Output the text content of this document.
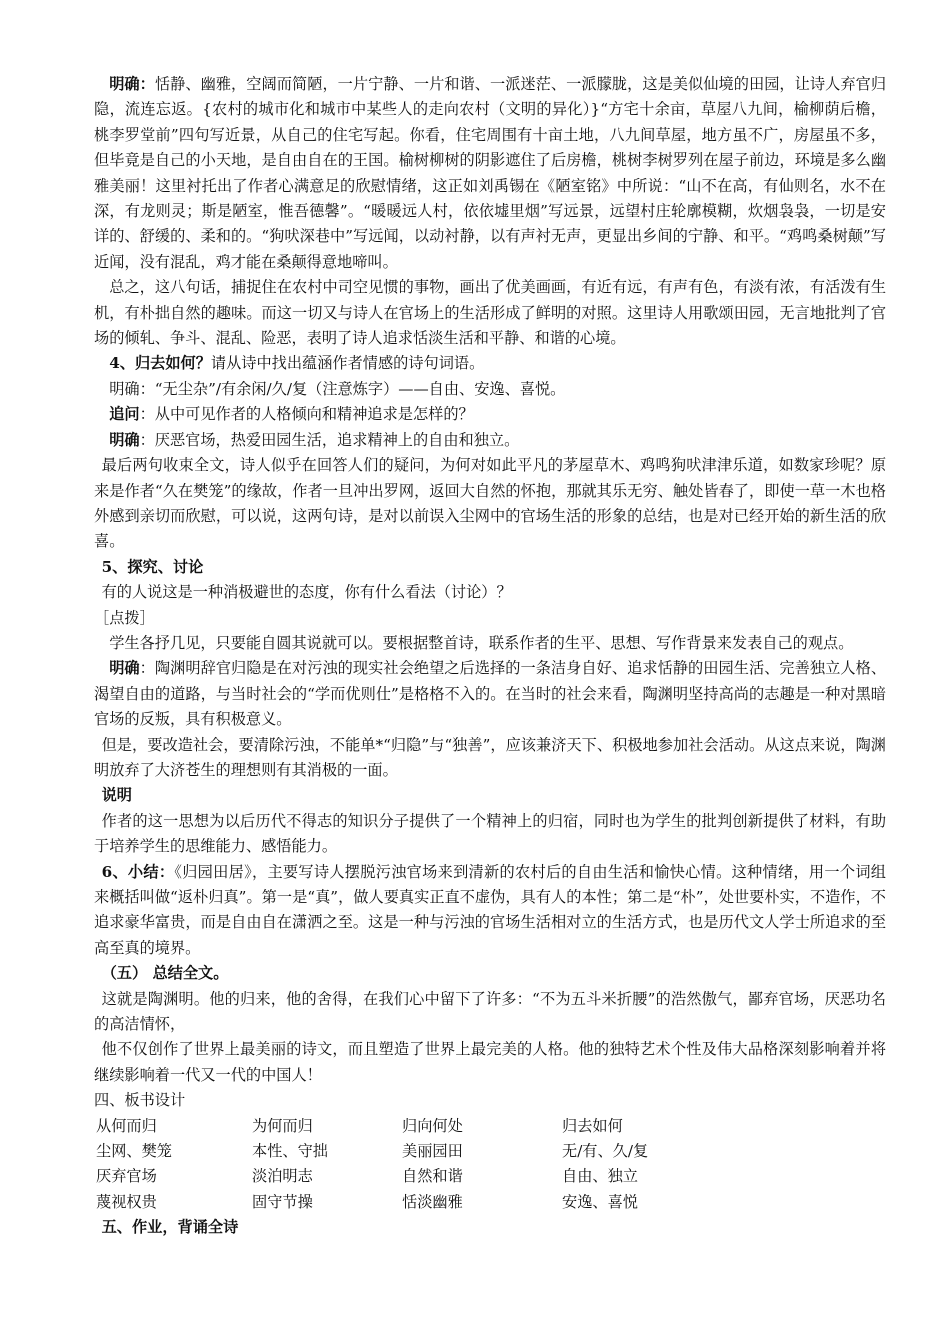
明确：恬静、幽雅，空阔而简陋，一片宁静、一片和谐、一派迷茫、一派朦胧，这是美似仙境的田园，让诗人弃官归隐，流连忘返。{农村的城市化和城市中某些人的走向农村（文明的异化）}“方宅十余亩，草屋八九间，榆柳荫后檐，桃李罗堂前”四句写近景，从自己的住宅写起。你看，住宅周围有十亩土地，八九间草屋，地方虽不广，房屋虽不多，但毕竟是自己的小天地，是自由自在的王国。榆树柳树的阴影遮住了后房檐，桃树李树罗列在屋子前边，环境是多么幽雅美丽！这里衬托出了作者心满意足的欣慰情绪，这正如刘禹锡在《陋室铭》中所说：“山不在高，有仙则名，水不在深，有龙则灵；斯是陋室，惟吾德馨”。“暖暖远人村，依依墟里烟”写远景，远望村庄轮廓模糊，炊烟袅袅，一切是安详的、舒缓的、柔和的。“狗吠深巷中”写远闻，以动衬静，以有声衬无声，更显出乡间的宁静、和平。“鸡鸣桑树颠”写近闻，没有混乱，鸡才能在桑颠得意地啼叫。

总之，这八句话，捕捉住在农村中司空见惯的事物，画出了优美画画，有近有远，有声有色，有淡有浓，有活泼有生机，有朴拙自然的趣味。而这一切又与诗人在官场上的生活形成了鲜明的对照。这里诗人用歌颂田园，无言地批判了官场的倾轧、争斗、混乱、险恶，表明了诗人追求恬淡生活和平静、和谐的心境。

4、归去如何？请从诗中找出蕴涵作者情感的诗句词语。

明确：“无尘杂”/有余闲/久/复（注意炼字）——自由、安逸、喜悦。

追问：从中可见作者的人格倾向和精神追求是怎样的？

明确：厌恶官场，热爱田园生活，追求精神上的自由和独立。

最后两句收束全文，诗人似乎在回答人们的疑问，为何对如此平凡的茅屋草木、鸡鸣狗吠津津乐道，如数家珍呢？原来是作者“久在樊笼”的缘故，作者一旦冲出罗网，返回大自然的怀抱，那就其乐无穷、触处皆春了，即使一草一木也格外感到亲切而欣慰，可以说，这两句诗，是对以前误入尘网中的官场生活的形象的总结，也是对已经开始的新生活的欣喜。

5、探究、讨论

有的人说这是一种消极避世的态度，你有什么看法（讨论）？

［点拨］

学生各抒几见，只要能自圆其说就可以。要根据整首诗，联系作者的生平、思想、写作背景来发表自己的观点。

明确：陶渊明辞官归隐是在对污浊的现实社会绝望之后选择的一条洁身自好、追求恬静的田园生活、完善独立人格、渴望自由的道路，与当时社会的“学而优则仕”是格格不入的。在当时的社会来看，陶渊明坚持高尚的志趣是一种对黑暗官场的反叛，具有积极意义。

但是，要改造社会，要清除污浊，不能单*“归隐”与“独善”，应该兼济天下、积极地参加社会活动。从这点来说，陶渊明放弃了大济苍生的理想则有其消极的一面。

说明

作者的这一思想为以后历代不得志的知识分子提供了一个精神上的归宿，同时也为学生的批判创新提供了材料，有助于培养学生的思维能力、感悟能力。

6、小结：《归园田居》，主要写诗人摆脱污浊官场来到清新的农村后的自由生活和愉快心情。这种情绪，用一个词组来概括叫做“返朴归真”。第一是“真”，做人要真实正直不虚伪，具有人的本性；第二是“朴”，处世要朴实，不造作，不追求豪华富贵，而是自由自在潇洒之至。这是一种与污浊的官场生活相对立的生活方式，也是历代文人学士所追求的至高至真的境界。

（五） 总结全文。

这就是陶渊明。他的归来，他的舍得，在我们心中留下了许多：“不为五斗米折腰”的浩然傲气，鄙弃官场，厌恶功名的高洁情怀，

他不仅创作了世界上最美丽的诗文，而且塑造了世界上最完美的人格。他的独特艺术个性及伟大品格深刻影响着并将继续影响着一代又一代的中国人！

四、板书设计

从何而归	为何而归	归向何处	归去如何
尘网、樊笼	本性、守拙	美丽园田	无/有、久/复
厌弃官场	淡泊明志	自然和谐	自由、独立
蔑视权贵	固守节操	恬淡幽雅	安逸、喜悦

五、作业，背诵全诗
